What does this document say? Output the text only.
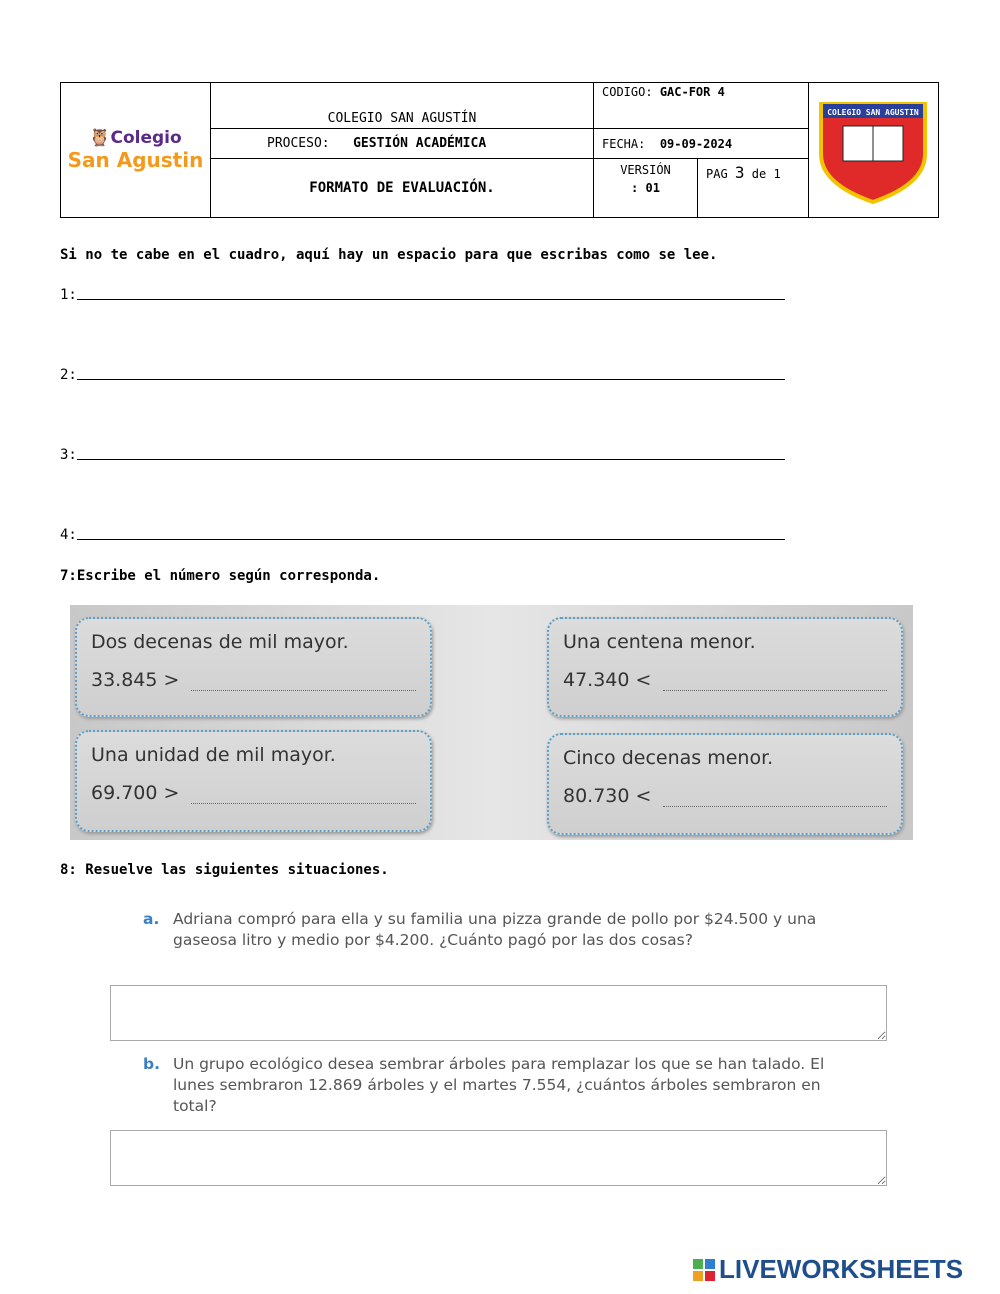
🦉Colegio
San Agustin	COLEGIO SAN AGUSTÍN	CODIGO: GAC-FOR 4		COLEGIO SAN AGUSTIN

	PROCESO: GESTIÓN ACADÉMICA	FECHA: 09-09-2024		
	FORMATO DE EVALUACIÓN.	VERSIÓN
: 01	PAG 3 de 1	
Si no te cabe en el cuadro, aquí hay un espacio para que escribas como se lee.
1:
2:
3:
4:
7:Escribe el número según corresponda.
Dos decenas de mil mayor.
33.845 >
Una centena menor.
47.340 <
Una unidad de mil mayor.
69.700 >
Cinco decenas menor.
80.730 <
8: Resuelve las siguientes situaciones.
a. Adriana compró para ella y su familia una pizza grande de pollo por $24.500 y una gaseosa litro y medio por $4.200. ¿Cuánto pagó por las dos cosas?
b. Un grupo ecológico desea sembrar árboles para remplazar los que se han talado. El lunes sembraron 12.869 árboles y el martes 7.554, ¿cuántos árboles sembraron en total?
LIVEWORKSHEETS
